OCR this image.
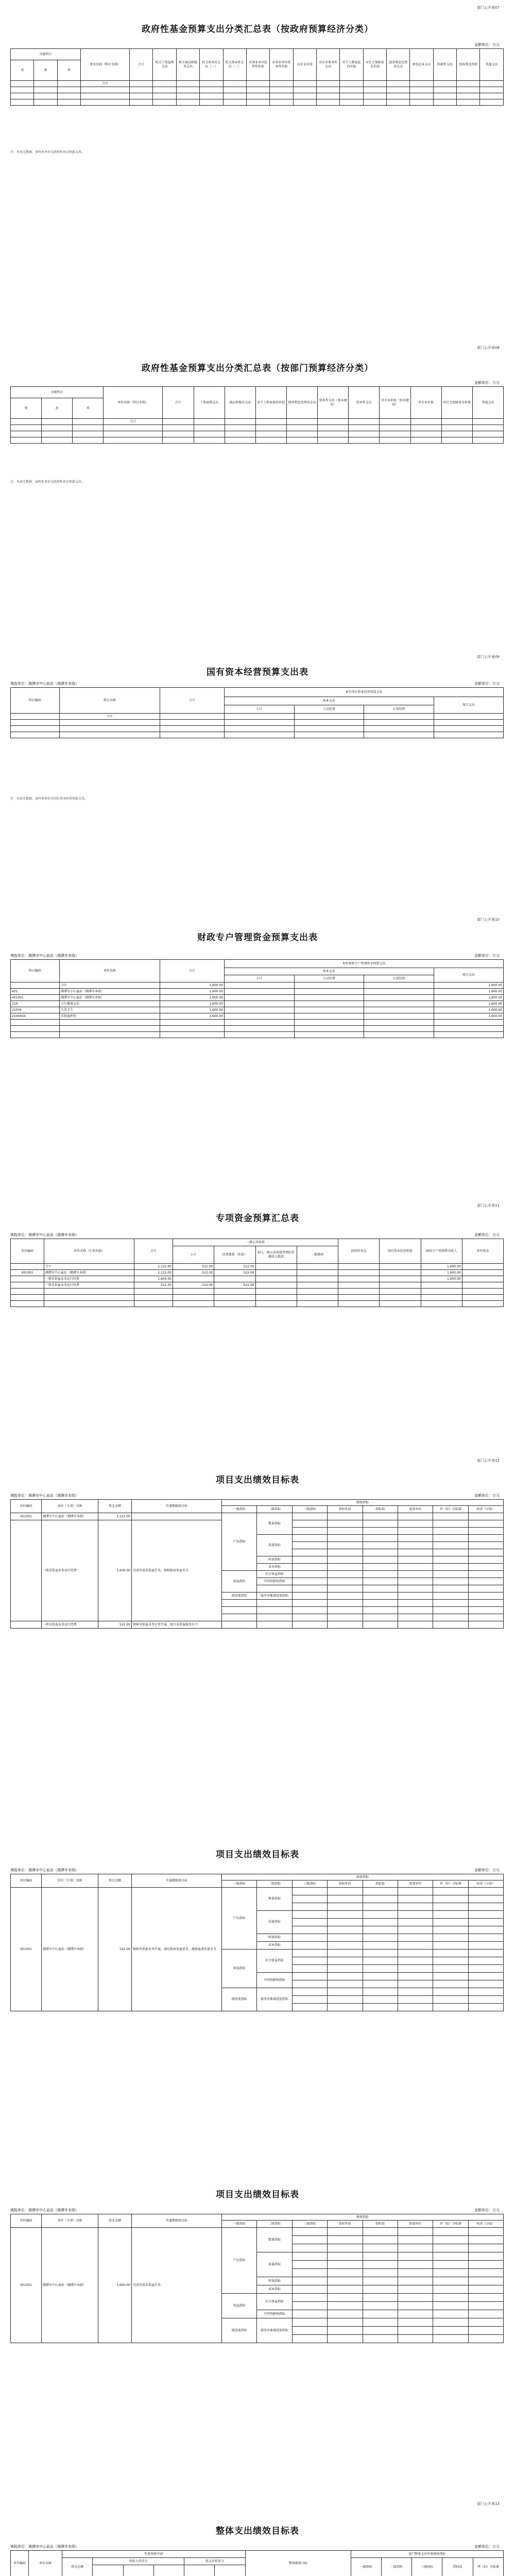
部门公开表07
政府性基金预算支出分类汇总表（按政府预算经济分类）
金额单位：万元
功能科目			单位名称（科目名称）	合计	机关工资福利支出	机关商品和服务支出	机关资本性支出（一）	机关资本性支出（二）	对事业单位经常性补助	对事业单位资本性补助	对企业补助	对企业资本性支出	对个人和家庭的补助	对社会保障基金补助	债务利息及费用支出	债务还本支出	转移性支出	预备费及预留	其他支出
类	款	项																	
			合计																

注：本表无数据，表明本单位无政府性基金预算支出。
部门公开表08
政府性基金预算支出分类汇总表（按部门预算经济分类）
金额单位：万元
功能科目			单位名称（科目名称）	合计	工资福利支出	商品和服务支出	对个人和家庭的补助	债务利息及费用支出	资本性支出（基本建设）	资本性支出	对企业补助（基本建设）	对企业补助	对社会保障基金补助	其他支出
类	款	项												
			合计											

注：本表无数据，表明本单位无政府性基金预算支出。
部门公开表09
国有资本经营预算支出表
填报单位：湘潭市中心血站（湘潭市本级）	金额单位：万元
科目编码	科目名称	合计	本年国有资本经营预算支出			
			基本支出			项目支出
			小计	人员经费	公用经费	
	合计					

注：本表无数据，表明本单位无国有资本经营预算支出。
部门公开表10
财政专户管理资金预算支出表
填报单位：湘潭市中心血站（湘潭市本级）	金额单位：万元
科目编码	单位名称	合计	本年财政专户管理资金预算支出			
			基本支出			项目支出
			小计	人员经费	公用经费	
	合计	1,600.00				1,600.00
451	湘潭市中心血站（湘潭市本级）	1,600.00				1,600.00
451001	湘潭市中心血站（湘潭市本级）	1,600.00				1,600.00
210	卫生健康支出	1,600.00				1,600.00
21004	公共卫生	1,600.00				1,600.00
2100404	采供血机构	1,600.00				1,600.00

部门公开表11
专项资金预算汇总表
填报单位：湘潭市中心血站（湘潭市本级）	金额单位：万元
单位编码	单位名称（专项名称）	合计	一般公共预算				政府性基金	国有资本经营预算	财政专户管理资金收入	单位资金
			小计	经费拨款（补助）	纳入一般公共预算管理的非税收入拨款	一般债券				

	合计	2,122.00	522.00	522.00					1,600.00	
451001	湘潭市中心血站（湘潭市本级）	2,122.00	522.00	522.00					1,600.00	
	一般采供血业务运行经费	1,600.00							1,600.00	
	一般采供血业务运行经费	522.00	522.00	522.00						

部门公开表12
项目支出绩效目标表
填报单位：湘潭市中心血站（湘潭市本级）	金额单位：万元
单位编码	单位（专项）名称	资金金额	实施期绩效目标	绩效指标							
				一级指标	二级指标	三级指标	指标性质	指标值	度量单位	评（扣）分标准	权重（分值）
451001	湘潭市中心血站（湘潭市本级）	2,122.00		产出指标	数量指标						
	一般采供血业务运行经费	1,600.00	完成年度采供血任务，保障临床用血安全								

					质量指标						

					时效指标						
					成本指标						
				效益指标	社会效益指标						
					可持续影响指标						

				满意度指标	服务对象满意度指标						

	一般采供血业务运行经费	522.00	保障采供血业务正常开展，提升采供血服务水平								
项目支出绩效目标表
填报单位：湘潭市中心血站（湘潭市本级）	金额单位：万元
单位编码	单位（专项）名称	资金金额	实施期绩效目标	绩效指标							
				一级指标	二级指标	三级指标	指标性质	指标值	度量单位	评（扣）分标准	权重（分值）
451001	湘潭市中心血站（湘潭市本级）	522.00	保障采供血业务开展，满足临床用血需求，确保血液质量安全	产出指标	数量指标						

					质量指标						

					时效指标						
					成本指标						
				效益指标	社会效益指标						

					可持续影响指标						

				满意度指标	服务对象满意度指标						

项目支出绩效目标表
填报单位：湘潭市中心血站（湘潭市本级）	金额单位：万元
单位编码	单位（专项）名称	资金金额	实施期绩效目标	绩效指标							
				一级指标	二级指标	三级指标	指标性质	指标值	度量单位	评（扣）分标准	权重（分值）
451001	湘潭市中心血站（湘潭市本级）	1,600.00	完成年度采供血任务	产出指标	数量指标						

					质量指标						

					时效指标						
					成本指标						
				效益指标	社会效益指标						

					可持续影响指标						
				满意度指标	服务对象满意度指标						

部门公开表13
整体支出绩效目标表
填报单位：湘潭市中心血站（湘潭市本级）	金额单位：万元
单位编码	单位名称	年度预算申请						整体绩效目标	部门整体支出年度绩效指标				
		资金总额	按收入性质分			按支出性质分			一级指标	二级指标	三级指标	指标值	评（扣）分标准
